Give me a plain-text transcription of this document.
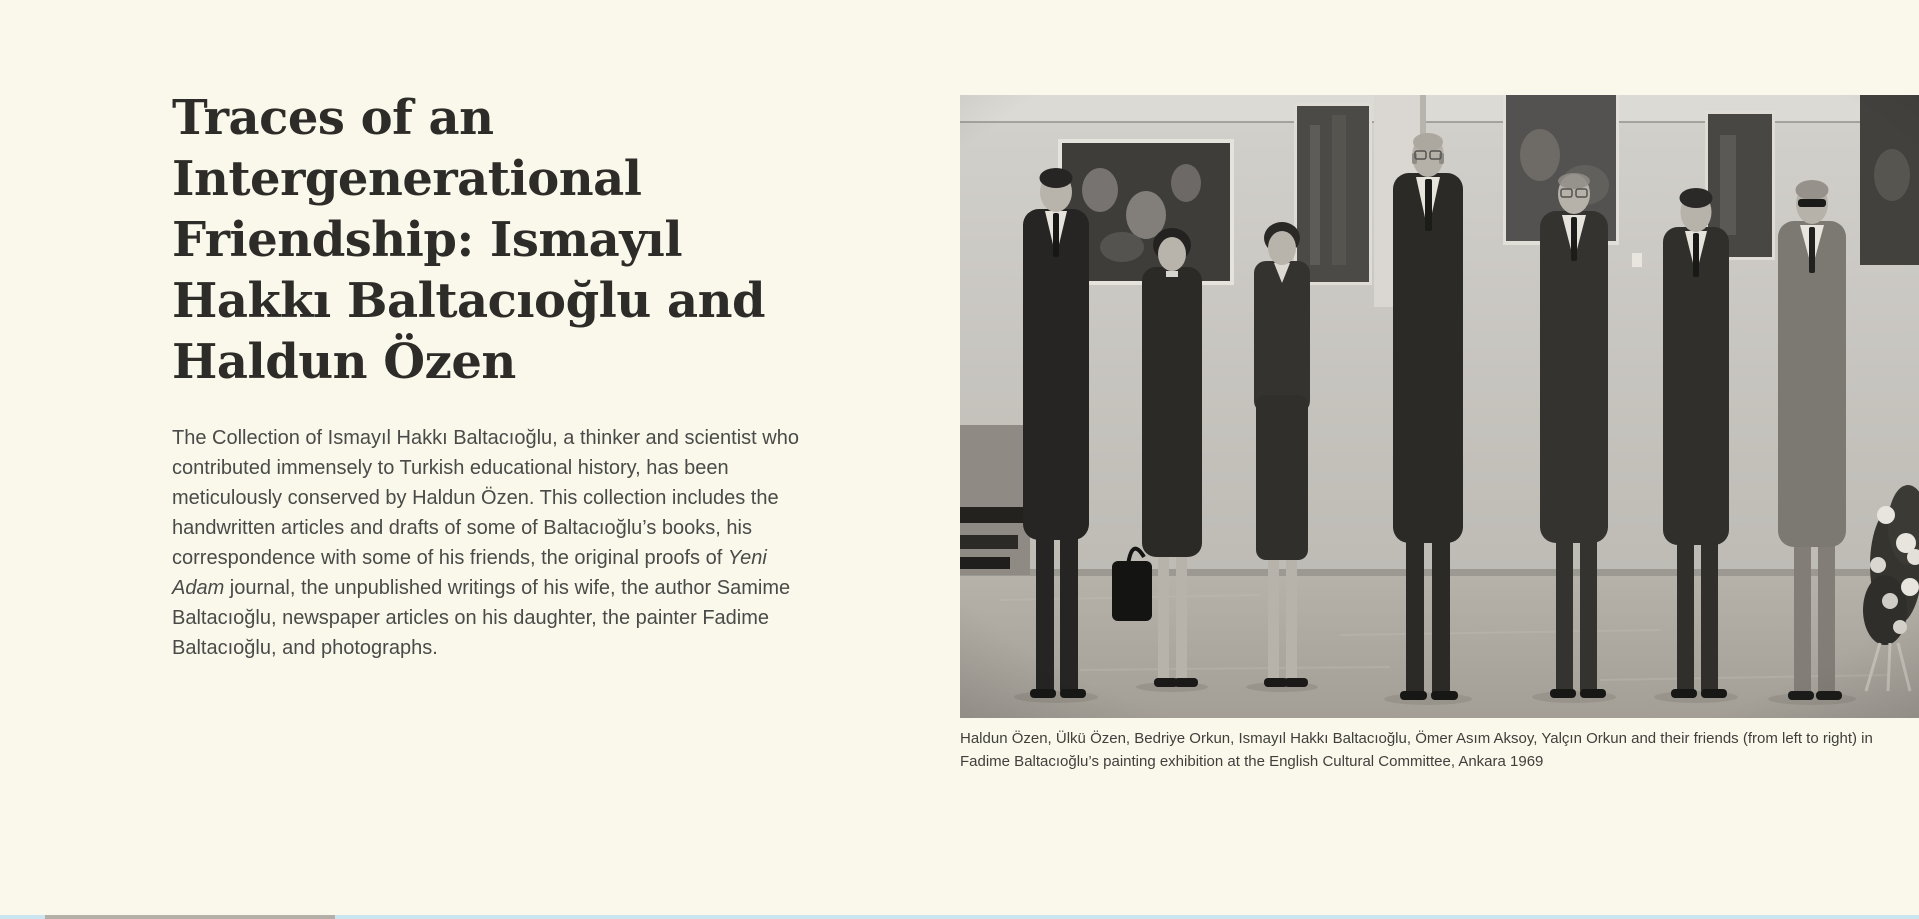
Traces of an
Intergenerational
Friendship: Ismayıl
Hakkı Baltacıoğlu and
Haldun Özen

The Collection of Ismayıl Hakkı Baltacıoğlu, a thinker and scientist who contributed immensely to Turkish educational history, has been meticulously conserved by Haldun Özen. This collection includes the handwritten articles and drafts of some of Baltacıoğlu’s books, his correspondence with some of his friends, the original proofs of Yeni Adam journal, the unpublished writings of his wife, the author Samime Baltacıoğlu, newspaper articles on his daughter, the painter Fadime Baltacıoğlu, and photographs.

Haldun Özen, Ülkü Özen, Bedriye Orkun, Ismayıl Hakkı Baltacıoğlu, Ömer Asım Aksoy, Yalçın Orkun and their friends (from left to right) in Fadime Baltacıoğlu’s painting exhibition at the English Cultural Committee, Ankara 1969
